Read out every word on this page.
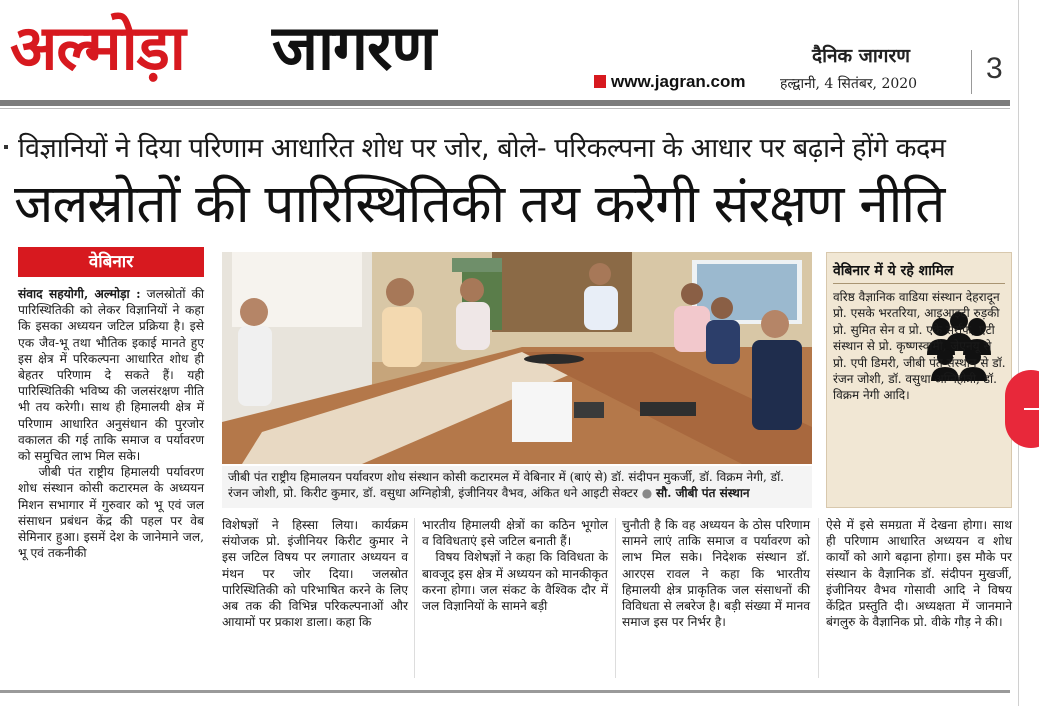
अल्मोड़ा जागरण	www.jagran.com
दैनिक जागरण
हल्द्वानी, 4 सितंबर, 2020 3
विज्ञानियों ने दिया परिणाम आधारित शोध पर जोर, बोले- परिकल्पना के आधार पर बढ़ाने होंगे कदम
जलस्रोतों की पारिस्थितिकी तय करेगी संरक्षण नीति
वेबिनार
संवाद सहयोगी, अल्मोड़ा : जलस्रोतों की पारिस्थितिकी को लेकर विज्ञानियों ने कहा कि इसका अध्ययन जटिल प्रक्रिया है। इसे एक जैव-भू तथा भौतिक इकाई मानते हुए इस क्षेत्र में परिकल्पना आधारित शोध ही बेहतर परिणाम दे सकते हैं। यही पारिस्थितिकी भविष्य की जलसंरक्षण नीति भी तय करेगी। साथ ही हिमालयी क्षेत्र में परिणाम आधारित अनुसंधान की पुरजोर वकालत की गई ताकि समाज व पर्यावरण को समुचित लाभ मिल सके।
जीबी पंत राष्ट्रीय हिमालयी पर्यावरण शोध संस्थान कोसी कटारमल के अध्ययन मिशन सभागार में गुरुवार को भू एवं जल संसाधन प्रबंधन केंद्र की पहल पर वेब सेमिनार हुआ। इसमें देश के जानेमाने जल, भू एवं तकनीकी
जीबी पंत राष्ट्रीय हिमालयन पर्यावरण शोध संस्थान कोसी कटारमल में वेबिनार में (बाएं से) डॉ. संदीपन मुकर्जी, डॉ. विक्रम नेगी, डॉ. रंजन जोशी, प्रो. किरीट कुमार, डॉ. वसुधा अग्निहोत्री, इंजीनियर वैभव, अंकित धने आइटी सेक्टर ● सौ. जीबी पंत संस्थान
वेबिनार में ये रहे शामिल
वरिष्ठ वैज्ञानिक वाडिया संस्थान देहरादून प्रो. एसके भरतरिया, आइआइटी रुड़की प्रो. सुमित सेन व प्रो. एके सर्राफ, एटी संस्थान से प्रो. कृष्णस्वामी, जेएनयू से प्रो. एपी डिमरी, जीबी पंत संस्थान से डॉ. रंजन जोशी, डॉ. वसुधा अग्निहोत्री, डॉ. विक्रम नेगी आदि।
विशेषज्ञों ने हिस्सा लिया। कार्यक्रम संयोजक प्रो. इंजीनियर किरीट कुमार ने इस जटिल विषय पर लगातार अध्ययन व मंथन पर जोर दिया। जलस्रोत पारिस्थितिकी को परिभाषित करने के लिए अब तक की विभिन्न परिकल्पनाओं और आयामों पर प्रकाश डाला। कहा कि
भारतीय हिमालयी क्षेत्रों का कठिन भूगोल व विविधताएं इसे जटिल बनाती हैं।
विषय विशेषज्ञों ने कहा कि विविधता के बावजूद इस क्षेत्र में अध्ययन को मानकीकृत करना होगा। जल संकट के वैश्विक दौर में जल विज्ञानियों के सामने बड़ी
चुनौती है कि वह अध्ययन के ठोस परिणाम सामने लाएं ताकि समाज व पर्यावरण को लाभ मिल सके। निदेशक संस्थान डॉ. आरएस रावल ने कहा कि भारतीय हिमालयी क्षेत्र प्राकृतिक जल संसाधनों की विविधता से लबरेज है। बड़ी संख्या में मानव समाज इस पर निर्भर है।
ऐसे में इसे समग्रता में देखना होगा। साथ ही परिणाम आधारित अध्ययन व शोध कार्यों को आगे बढ़ाना होगा। इस मौके पर संस्थान के वैज्ञानिक डॉ. संदीपन मुखर्जी, इंजीनियर वैभव गोसावी आदि ने विषय केंद्रित प्रस्तुति दी। अध्यक्षता में जानमाने बंगलुरु के वैज्ञानिक प्रो. वीके गौड़ ने की।
